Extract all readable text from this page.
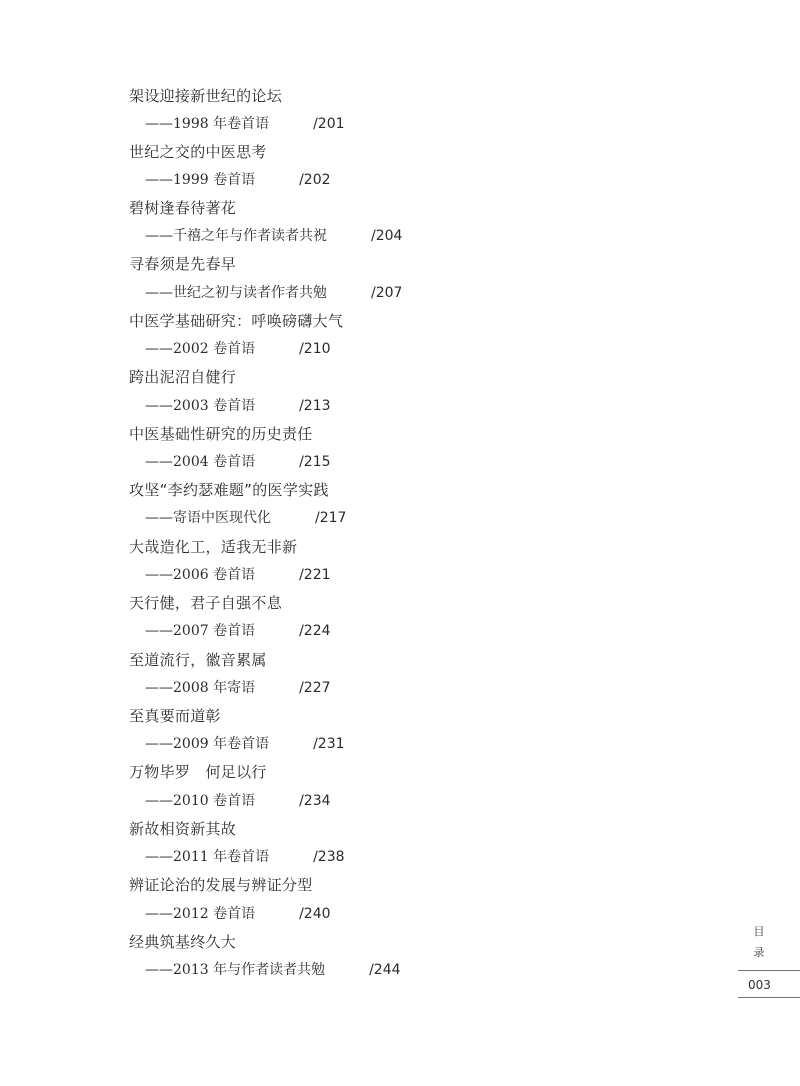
架设迎接新世纪的论坛
——1998 年卷首语	/201
世纪之交的中医思考
——1999 卷首语	/202
碧树逢春待著花
——千禧之年与作者读者共祝	/204
寻春须是先春早
——世纪之初与读者作者共勉	/207
中医学基础研究：呼唤磅礴大气
——2002 卷首语	/210
跨出泥沼自健行
——2003 卷首语	/213
中医基础性研究的历史责任
——2004 卷首语	/215
攻坚“李约瑟难题”的医学实践
——寄语中医现代化	/217
大哉造化工，适我无非新
——2006 卷首语	/221
天行健，君子自强不息
——2007 卷首语	/224
至道流行，徽音累属
——2008 年寄语	/227
至真要而道彰
——2009 年卷首语	/231
万物毕罗　何足以行
——2010 卷首语	/234
新故相资新其故
——2011 年卷首语	/238
辨证论治的发展与辨证分型
——2012 卷首语	/240
经典筑基终久大
——2013 年与作者读者共勉	/244
目
录
003
